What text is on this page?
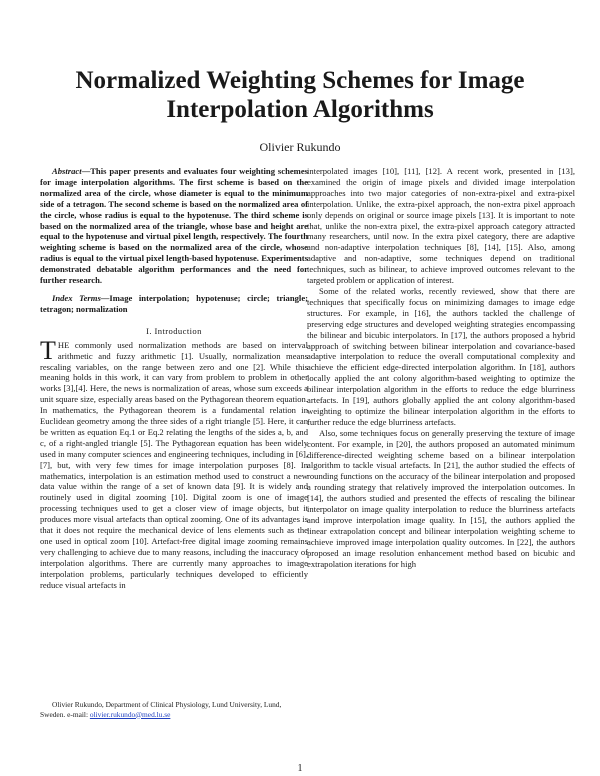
Normalized Weighting Schemes for Image
Interpolation Algorithms
Olivier Rukundo

Abstract—This paper presents and evaluates four weighting schemes for image interpolation algorithms. The first scheme is based on the normalized area of the circle, whose diameter is equal to the minimum side of a tetragon. The second scheme is based on the normalized area of the circle, whose radius is equal to the hypotenuse. The third scheme is based on the normalized area of the triangle, whose base and height are equal to the hypotenuse and virtual pixel length, respectively. The fourth weighting scheme is based on the normalized area of the circle, whose radius is equal to the virtual pixel length-based hypotenuse. Experiments demonstrated debatable algorithm performances and the need for further research.

Index Terms—Image interpolation; hypotenuse; circle; triangle; tetragon; normalization

I. Introduction

THE commonly used normalization methods are based on interval arithmetic and fuzzy arithmetic [1]. Usually, normalization means rescaling variables, on the range between zero and one [2]. While this meaning holds in this work, it can vary from problem to problem in other works [3],[4]. Here, the news is normalization of areas, whose sum exceeds a unit square size, especially areas based on the Pythagorean theorem equation. In mathematics, the Pythagorean theorem is a fundamental relation in Euclidean geometry among the three sides of a right triangle [5]. Here, it can be written as equation Eq.1 or Eq.2 relating the lengths of the sides a, b, and c, of a right-angled triangle [5]. The Pythagorean equation has been widely used in many computer sciences and engineering techniques, including in [6], [7], but, with very few times for image interpolation purposes [8]. In mathematics, interpolation is an estimation method used to construct a new data value within the range of a set of known data [9]. It is widely and routinely used in digital zooming [10]. Digital zoom is one of image processing techniques used to get a closer view of image objects, but it produces more visual artefacts than optical zooming. One of its advantages is that it does not require the mechanical device of lens elements such as the one used in optical zoom [10]. Artefact-free digital image zooming remains very challenging to achieve due to many reasons, including the inaccuracy of interpolation algorithms. There are currently many approaches to image interpolation problems, particularly techniques developed to efficiently reduce visual artefacts in

interpolated images [10], [11], [12]. A recent work, presented in [13], examined the origin of image pixels and divided image interpolation approaches into two major categories of non-extra-pixel and extra-pixel interpolation. Unlike, the extra-pixel approach, the non-extra pixel approach only depends on original or source image pixels [13]. It is important to note that, unlike the non-extra pixel, the extra-pixel approach category attracted many researchers, until now. In the extra pixel category, there are adaptive and non-adaptive interpolation techniques [8], [14], [15]. Also, among adaptive and non-adaptive, some techniques depend on traditional techniques, such as bilinear, to achieve improved outcomes relevant to the targeted problem or application of interest.

Some of the related works, recently reviewed, show that there are techniques that specifically focus on minimizing damages to image edge structures. For example, in [16], the authors tackled the challenge of preserving edge structures and developed weighting strategies encompassing the bilinear and bicubic interpolators. In [17], the authors proposed a hybrid approach of switching between bilinear interpolation and covariance-based adaptive interpolation to reduce the overall computational complexity and achieve the efficient edge-directed interpolation algorithm. In [18], authors locally applied the ant colony algorithm-based weighting to optimize the bilinear interpolation algorithm in the efforts to reduce the edge blurriness artefacts. In [19], authors globally applied the ant colony algorithm-based weighting to optimize the bilinear interpolation algorithm in the efforts to further reduce the edge blurriness artefacts.

Also, some techniques focus on generally preserving the texture of image content. For example, in [20], the authors proposed an automated minimum difference-directed weighting scheme based on a bilinear interpolation algorithm to tackle visual artefacts. In [21], the author studied the effects of rounding functions on the accuracy of the bilinear interpolation and proposed a rounding strategy that relatively improved the interpolation outcomes. In [14], the authors studied and presented the effects of rescaling the bilinear interpolator on image quality interpolation to reduce the blurriness artefacts and improve interpolation image quality. In [15], the authors applied the linear extrapolation concept and bilinear interpolation weighting scheme to achieve improved image interpolation quality outcomes. In [22], the authors proposed an image resolution enhancement method based on bicubic and extrapolation iterations for high

Olivier Rukundo, Department of Clinical Physiology, Lund University, Lund, Sweden. e-mail: olivier.rukundo@med.lu.se
1
